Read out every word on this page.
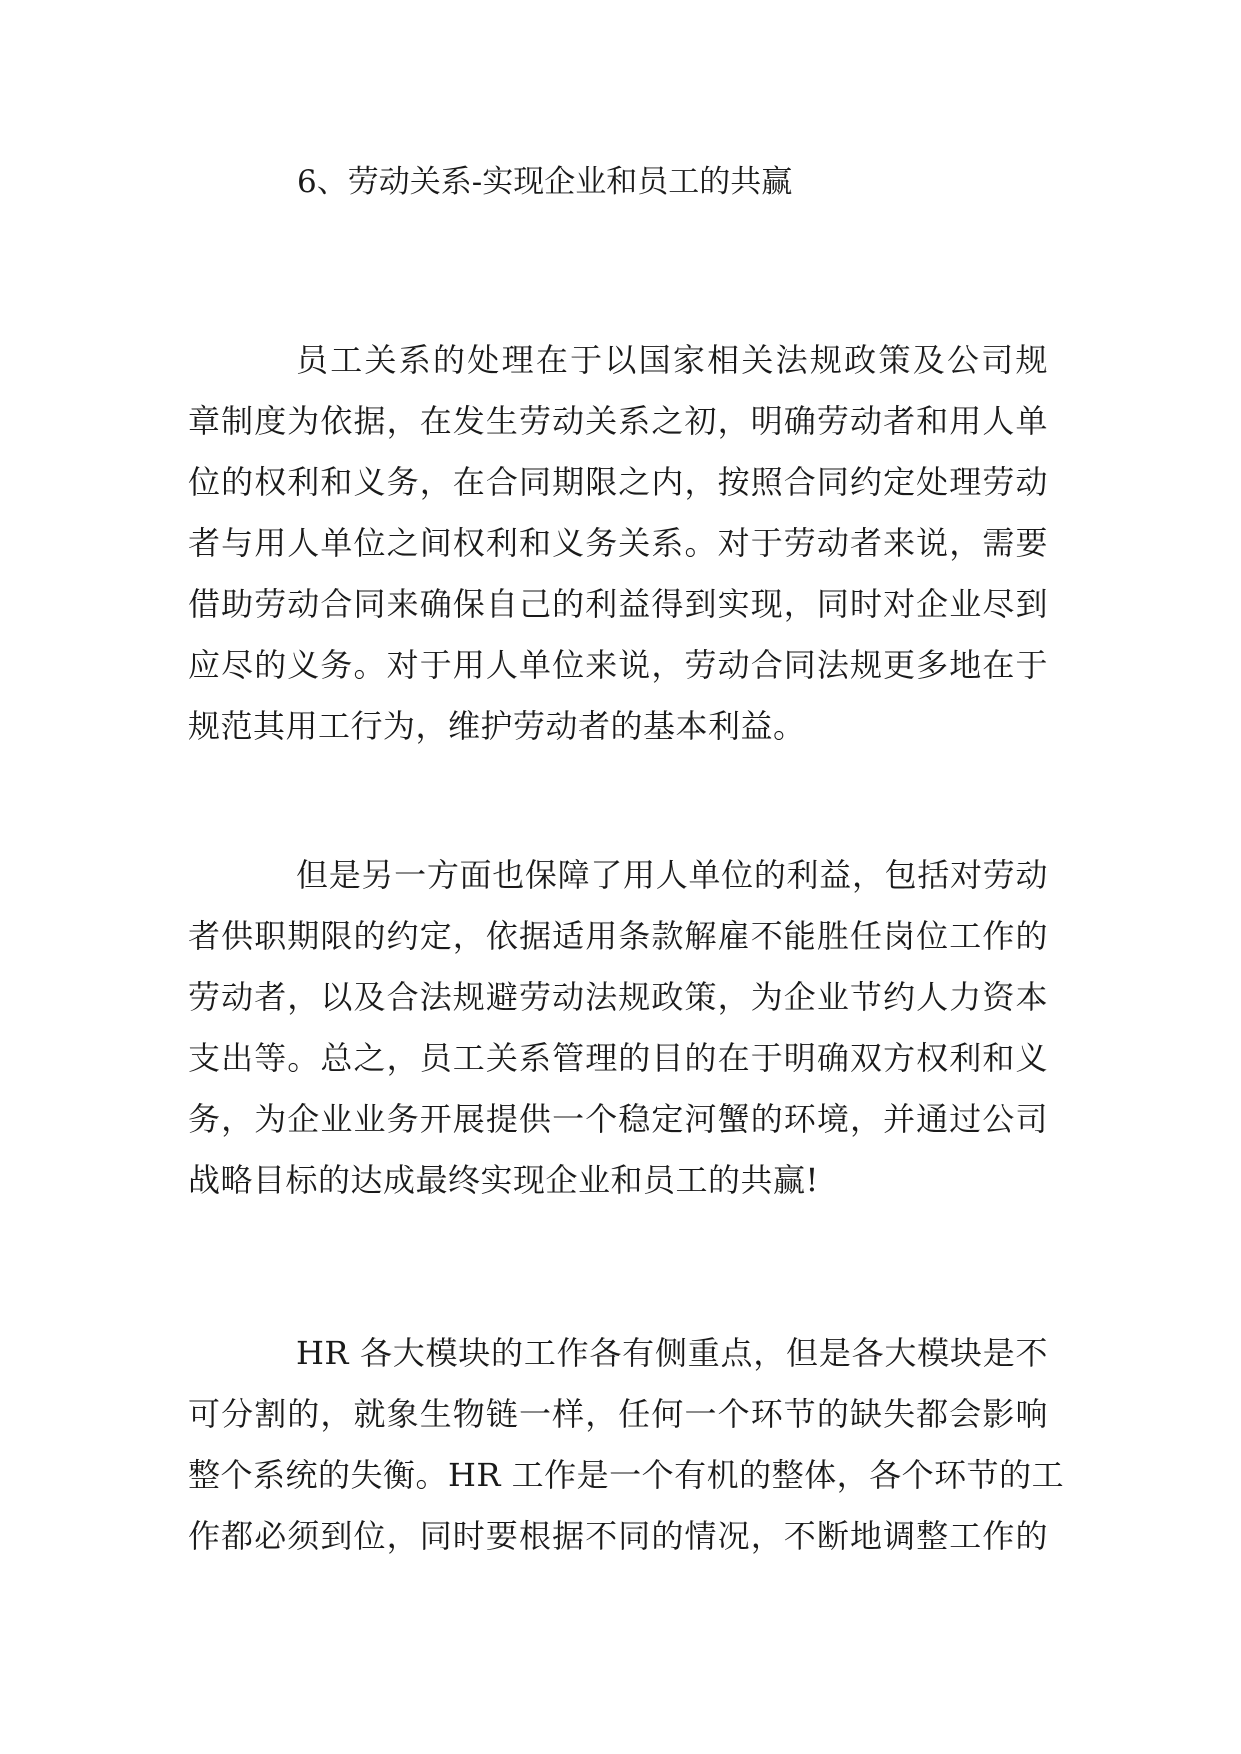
6、劳动关系-实现企业和员工的共赢
员工关系的处理在于以国家相关法规政策及公司规
章制度为依据，在发生劳动关系之初，明确劳动者和用人单
位的权利和义务，在合同期限之内，按照合同约定处理劳动
者与用人单位之间权利和义务关系。对于劳动者来说，需要
借助劳动合同来确保自己的利益得到实现，同时对企业尽到
应尽的义务。对于用人单位来说，劳动合同法规更多地在于
规范其用工行为，维护劳动者的基本利益。
但是另一方面也保障了用人单位的利益，包括对劳动
者供职期限的约定，依据适用条款解雇不能胜任岗位工作的
劳动者，以及合法规避劳动法规政策，为企业节约人力资本
支出等。总之，员工关系管理的目的在于明确双方权利和义
务，为企业业务开展提供一个稳定河蟹的环境，并通过公司
战略目标的达成最终实现企业和员工的共赢!
HR 各大模块的工作各有侧重点，但是各大模块是不
可分割的，就象生物链一样，任何一个环节的缺失都会影响
整个系统的失衡。HR 工作是一个有机的整体，各个环节的工
作都必须到位，同时要根据不同的情况，不断地调整工作的
